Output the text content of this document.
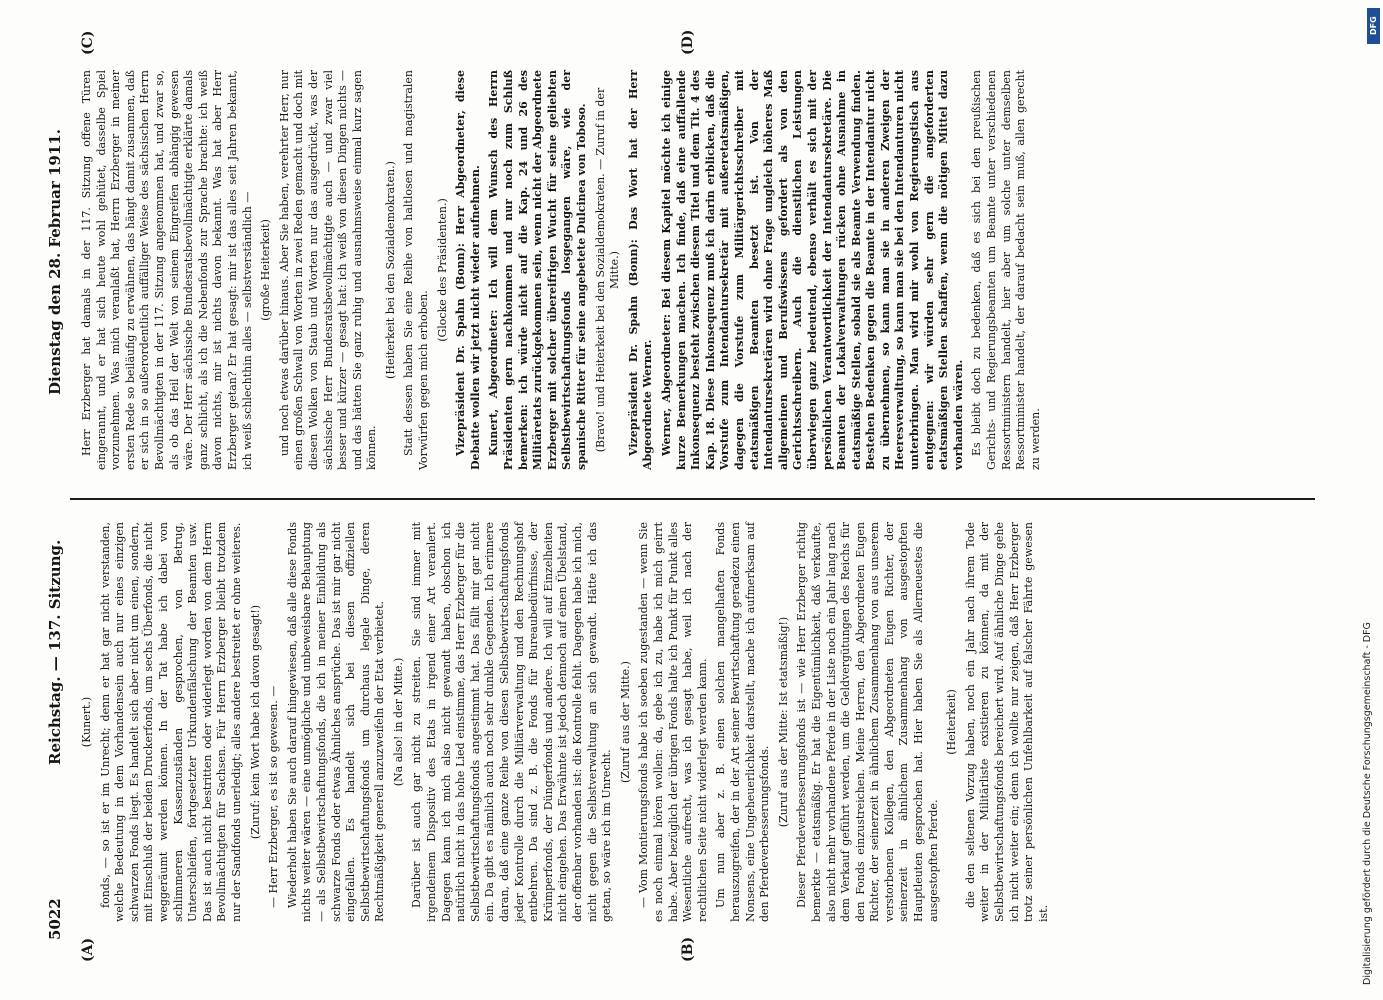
5022
Reichstag. — 137. Sitzung.
Dienstag den 28. Februar 1911.
(A)	(B)
(C)	(D)

(Kunert.) fonds, — so ist er im Unrecht; denn er hat gar nicht verstanden, welche Bedeutung in dem Vorhandensein auch nur eines einzigen schwarzen Fonds liegt. Es handelt sich aber nicht um einen, sondern, mit Einschluß der beiden Druckerfonds, um sechs Überfonds, die nicht weggeräumt werden können. In der Tat habe ich dabei von schlimmeren Kassenzuständen gesprochen, von Betrug, Unterschleifen, fortgesetzter Urkundenfälschung der Beamten usw. Das ist auch nicht bestritten oder widerlegt worden von dem Herrn Bevollmächtigten für Sachsen. Für Herrn Erzberger bleibt trotzdem nur der Sandfonds unerledigt; alles andere bestreitet er ohne weiteres. (Zuruf: kein Wort habe ich davon gesagt!) — Herr Erzberger, es ist so gewesen. — Wiederholt haben Sie auch darauf hingewiesen, daß alle diese Fonds nichts weiter wären — eine unmögliche und unbeweisbare Behauptung — als Selbstbewirtschaftungsfonds, die ich in meiner Einbildung als schwarze Fonds oder etwas Ähnliches ansprüche. Das ist mir gar nicht eingefallen. Es handelt sich bei diesen offiziellen Selbstbewirtschaftungsfonds um durchaus legale Dinge, deren Rechtmäßigkeit generell anzuzweifeln der Etat verbietet. (Na also! in der Mitte.) Darüber ist auch gar nicht zu streiten. Sie sind immer mit irgendeinem Dispositiv des Etats in irgend einer Art veranlert. Dagegen kann ich mich also nicht gewandt haben, obschon ich natürlich nicht in das hohe Lied einstimme, das Herr Erzberger für die Selbstbewirtschaftungsfonds angestimmt hat. Das fällt mir gar nicht ein. Da gibt es nämlich auch noch sehr dunkle Gegenden. Ich erinnere daran, daß eine ganze Reihe von diesen Selbstbewirtschaftungsfonds jeder Kontrolle durch die Militärverwaltung und den Rechnungshof entbehren. Da sind z. B. die Fonds für Bureaubedürfnisse, der Krümperfonds, der Düngerfonds und andere. Ich will auf Einzelheiten nicht eingehen. Das Erwähnte ist jedoch dennoch auf einen Übelstand, der offenbar vorhanden ist: die Kontrolle fehlt. Dagegen habe ich mich, nicht gegen die Selbstverwaltung an sich gewandt. Hätte ich das getan, so wäre ich im Unrecht.

(Zuruf aus der Mitte.) — Vom Montierungsfonds habe ich soeben zugestanden — wenn Sie es noch einmal hören wollen: da, gebe ich zu, habe ich mich geirrt habe. Aber bezüglich der übrigen Fonds halte ich Punkt für Punkt alles Wesentliche aufrecht, was ich gesagt habe, weil ich nach der rechtlichen Seite nicht widerlegt werden kann. Um nun aber z. B. einen solchen mangelhaften Fonds herauszugreifen, der in der Art seiner Bewirtschaftung geradezu einen Nonsens, eine Ungeheuerlichkeit darstellt, mache ich aufmerksam auf den Pferdeverbesserungsfonds.

(Zuruf aus der Mitte: Ist etatsmäßig!) Dieser Pferdeverbesserungsfonds ist — wie Herr Erzberger richtig bemerkte — etatsmäßig. Er hat die Eigentümlichkeit, daß verkaufte, also nicht mehr vorhandene Pferde in der Liste noch ein Jahr lang nach dem Verkauf geführt werden, um die Geldvergütungen des Reichs für den Fonds einzustreichen. Meine Herren, den Abgeordneten Eugen Richter, der seinerzeit in ähnlichem Zusammenhang von aus unserem verstorbenen Kollegen, den Abgeordneten Eugen Richter, der seinerzeit in ähnlichem Zusammenhang von ausgestopften Hauptleuten gesprochen hat. Hier haben Sie als Allerneuestes die ausgestopften Pferde.

(Heiterkeit) die den seltenen Vorzug haben, noch ein Jahr nach ihrem Tode weiter in der Militärliste existieren zu können, da mit der Selbstbewirtschaftungsfonds bereichert wird. Auf ähnliche Dinge gehe ich nicht weiter ein; denn ich wollte nur zeigen, daß Herr Erzberger trotz seiner persönlichen Unfehlbarkeit auf falscher Fährte gewesen ist.

Herr Erzberger hat damals in der 117. Sitzung offene Türen eingerannt, und er hat sich heute wohl gehütet, dasselbe Spiel vorzunehmen. Was mich veranlaßt hat, Herrn Erzberger in meiner ersten Rede so beiläufig zu erwähnen, das hängt damit zusammen, daß er sich in so außerordentlich auffälliger Weise des sächsischen Herrn Bevollmächtigten in der 117. Sitzung angenommen hat, und zwar so, als ob das Heil der Welt von seinem Eingreifen abhängig gewesen wäre. Der Herr sächsische Bundesratsbevollmächtigte erklärte damals ganz schlicht, als ich die Nebenfonds zur Sprache brachte: ich weiß davon nichts, mir ist nichts davon bekannt. Was hat aber Herr Erzberger getan? Er hat gesagt: mir ist das alles seit Jahren bekannt, ich weiß schlechthin alles — selbstverständlich — (große Heiterkeit) und noch etwas darüber hinaus. Aber Sie haben, verehrter Herr, nur einen großen Schwall von Worten in zwei Reden gemacht und doch mit diesen Wolken von Staub und Worten nur das ausgedrückt, was der sächsische Herr Bundesratsbevollmächtigte auch — und zwar viel besser und kürzer — gesagt hat: ich weiß von diesen Dingen nichts — und das hätten Sie ganz ruhig und ausnahmsweise einmal kurz sagen können.

(Heiterkeit bei den Sozialdemokraten.) Statt dessen haben Sie eine Reihe von haltlosen und magistralen Vorwürfen gegen mich erhoben.

(Glocke des Präsidenten.) Vizepräsident Dr. Spahn (Bonn): Herr Abgeordneter, diese Debatte wollen wir jetzt nicht wieder aufnehmen. Kunert, Abgeordneter: Ich will dem Wunsch des Herrn Präsidenten gern nachkommen und nur noch zum Schluß bemerken: ich würde nicht auf die Kap. 24 und 26 des Militäretats zurückgekommen sein, wenn nicht der Abgeordnete Erzberger mit solcher übereifrigen Wucht für seine geliebten Selbstbewirtschaftungsfonds losgegangen wäre, wie der spanische Ritter für seine angebetete Dulcinea von Toboso. (Bravo! und Heiterkeit bei den Sozialdemokraten. — Zuruf in der Mitte.) Vizepräsident Dr. Spahn (Bonn): Das Wort hat der Herr Abgeordnete Werner. Werner, Abgeordneter: Bei diesem Kapitel möchte ich einige kurze Bemerkungen machen. Ich finde, daß eine auffallende Inkonsequenz besteht zwischen diesem Titel und dem Tit. 4 des Kap. 18. Diese Inkonsequenz muß ich darin erblicken, daß die Vorstufe zum Intendantursekretär mit außeretatsmäßigen, dagegen die Vorstufe zum Militärgerichtsschreiber mit etatsmäßigen Beamten besetzt ist. Von der Intendantursekretären wird ohne Frage ungleich höheres Maß allgemeinen und Berufswissens gefordert als von den Gerichtsschreibern. Auch die dienstlichen Leistungen überwiegen ganz bedeutend, ebenso verhält es sich mit der persönlichen Verantwortlichkeit der Intendantursekretäre. Die Beamten der Lokalverwaltungen rücken ohne Ausnahme in etatsmäßige Stellen, sobald sie als Beamte Verwendung finden. Bestehen Bedenken gegen die Beamte in der Intendantur nicht zu übernehmen, so kann man sie in anderen Zweigen der Heeresverwaltung, so kann man sie bei den Intendanturen nicht unterbringen. Man wird mir wohl von Regierungstisch aus entgegnen: wir würden sehr gern die angeforderten etatsmäßigen Stellen schaffen, wenn die nötigen Mittel dazu vorhanden wären. Es bleibt doch zu bedenken, daß es sich bei den preußischen Gerichts- und Regierungsbeamten um Beamte unter verschiedenen Ressortministern handelt, hier aber um solche unter demselben Ressortminister handelt, der darauf bedacht sein muß, allen gerecht zu werden.

Digitalisierung gefördert durch die Deutsche Forschungsgemeinschaft - DFG
DFG
